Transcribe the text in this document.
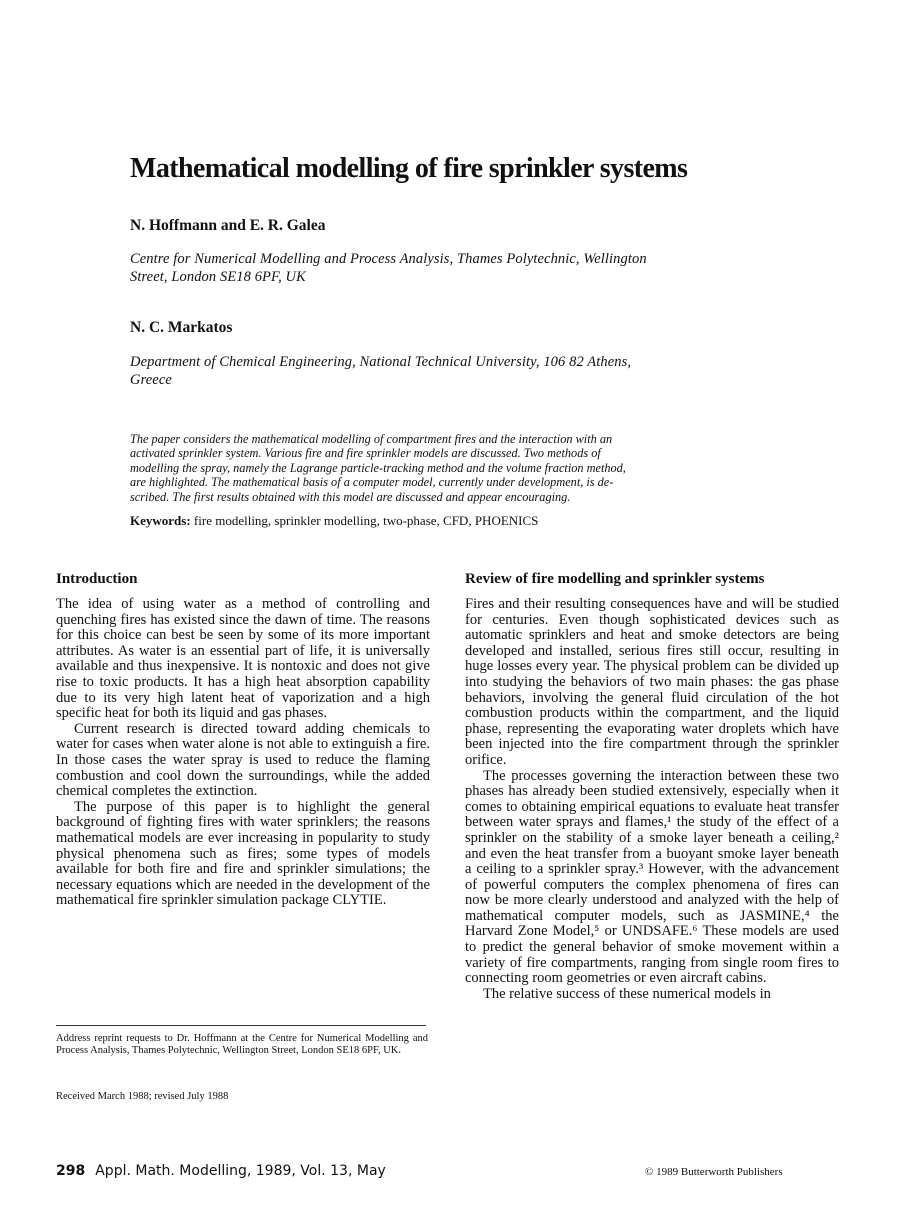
Mathematical modelling of fire sprinkler systems
N. Hoffmann and E. R. Galea
Centre for Numerical Modelling and Process Analysis, Thames Polytechnic, Wellington
Street, London SE18 6PF, UK
N. C. Markatos
Department of Chemical Engineering, National Technical University, 106 82 Athens,
Greece
The paper considers the mathematical modelling of compartment fires and the interaction with an
activated sprinkler system. Various fire and fire sprinkler models are discussed. Two methods of
modelling the spray, namely the Lagrange particle-tracking method and the volume fraction method,
are highlighted. The mathematical basis of a computer model, currently under development, is de-
scribed. The first results obtained with this model are discussed and appear encouraging.
Keywords: fire modelling, sprinkler modelling, two-phase, CFD, PHOENICS
Introduction

The idea of using water as a method of controlling and quenching fires has existed since the dawn of time. The reasons for this choice can best be seen by some of its more important attributes. As water is an essential part of life, it is universally available and thus inexpensive. It is nontoxic and does not give rise to toxic products. It has a high heat absorption capability due to its very high latent heat of vaporization and a high specific heat for both its liquid and gas phases.

Current research is directed toward adding chemicals to water for cases when water alone is not able to extinguish a fire. In those cases the water spray is used to reduce the flaming combustion and cool down the surroundings, while the added chemical completes the extinction.

The purpose of this paper is to highlight the general background of fighting fires with water sprinklers; the reasons mathematical models are ever increasing in popularity to study physical phenomena such as fires; some types of models available for both fire and fire and sprinkler simulations; the necessary equations which are needed in the development of the mathematical fire sprinkler simulation package CLYTIE.

Review of fire modelling and sprinkler systems

Fires and their resulting consequences have and will be studied for centuries. Even though sophisticated devices such as automatic sprinklers and heat and smoke detectors are being developed and installed, serious fires still occur, resulting in huge losses every year. The physical problem can be divided up into studying the behaviors of two main phases: the gas phase behaviors, involving the general fluid circulation of the hot combustion products within the compartment, and the liquid phase, representing the evaporating water droplets which have been injected into the fire compartment through the sprinkler orifice.

The processes governing the interaction between these two phases has already been studied extensively, especially when it comes to obtaining empirical equations to evaluate heat transfer between water sprays and flames,¹ the study of the effect of a sprinkler on the stability of a smoke layer beneath a ceiling,² and even the heat transfer from a buoyant smoke layer beneath a ceiling to a sprinkler spray.³ However, with the advancement of powerful computers the complex phenomena of fires can now be more clearly understood and analyzed with the help of mathematical computer models, such as JASMINE,⁴ the Harvard Zone Model,⁵ or UNDSAFE.⁶ These models are used to predict the general behavior of smoke movement within a variety of fire compartments, ranging from single room fires to connecting room geometries or even aircraft cabins.

The relative success of these numerical models in

Address reprint requests to Dr. Hoffmann at the Centre for Numerical Modelling and Process Analysis, Thames Polytechnic, Wellington Street, London SE18 6PF, UK.
Received March 1988; revised July 1988
298 Appl. Math. Modelling, 1989, Vol. 13, May	© 1989 Butterworth Publishers
